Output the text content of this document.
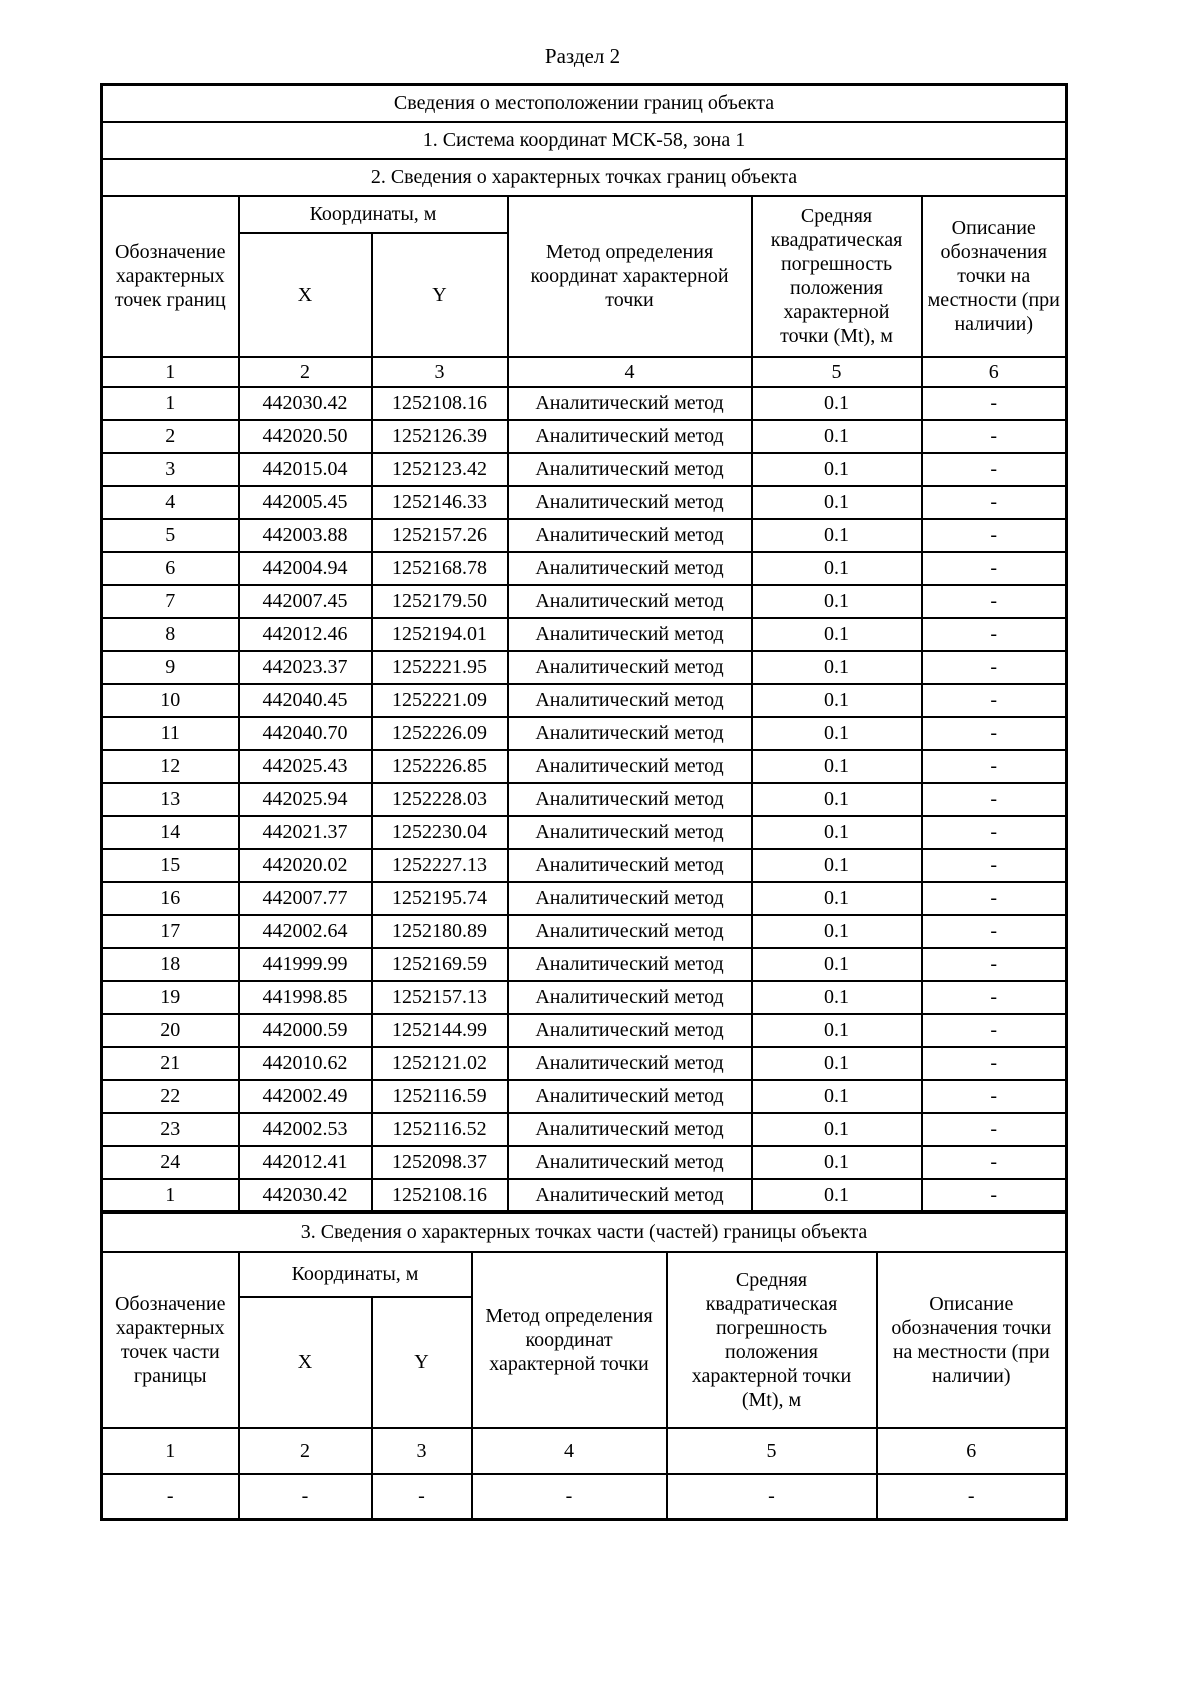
Раздел 2
Сведения о местоположении границ объекта					
1. Система координат МСК-58, зона 1					
2. Сведения о характерных точках границ объекта					
Обозначение характерных точек границ	Координаты, м		Метод определения координат характерной точки	Средняя квадратическая погрешность положения характерной точки (Mt), м	Описание обозначения точки на местности (при наличии)
	X	Y			
1	2	3	4	5	6
1	442030.42	1252108.16	Аналитический метод	0.1	-
2	442020.50	1252126.39	Аналитический метод	0.1	-
3	442015.04	1252123.42	Аналитический метод	0.1	-
4	442005.45	1252146.33	Аналитический метод	0.1	-
5	442003.88	1252157.26	Аналитический метод	0.1	-
6	442004.94	1252168.78	Аналитический метод	0.1	-
7	442007.45	1252179.50	Аналитический метод	0.1	-
8	442012.46	1252194.01	Аналитический метод	0.1	-
9	442023.37	1252221.95	Аналитический метод	0.1	-
10	442040.45	1252221.09	Аналитический метод	0.1	-
11	442040.70	1252226.09	Аналитический метод	0.1	-
12	442025.43	1252226.85	Аналитический метод	0.1	-
13	442025.94	1252228.03	Аналитический метод	0.1	-
14	442021.37	1252230.04	Аналитический метод	0.1	-
15	442020.02	1252227.13	Аналитический метод	0.1	-
16	442007.77	1252195.74	Аналитический метод	0.1	-
17	442002.64	1252180.89	Аналитический метод	0.1	-
18	441999.99	1252169.59	Аналитический метод	0.1	-
19	441998.85	1252157.13	Аналитический метод	0.1	-
20	442000.59	1252144.99	Аналитический метод	0.1	-
21	442010.62	1252121.02	Аналитический метод	0.1	-
22	442002.49	1252116.59	Аналитический метод	0.1	-
23	442002.53	1252116.52	Аналитический метод	0.1	-
24	442012.41	1252098.37	Аналитический метод	0.1	-
1	442030.42	1252108.16	Аналитический метод	0.1	-
3. Сведения о характерных точках части (частей) границы объекта					
Обозначение характерных точек части границы	Координаты, м		Метод определения координат характерной точки	Средняя квадратическая погрешность положения характерной точки (Mt), м	Описание обозначения точки на местности (при наличии)
	X	Y			
1	2	3	4	5	6
-	-	-	-	-	-
